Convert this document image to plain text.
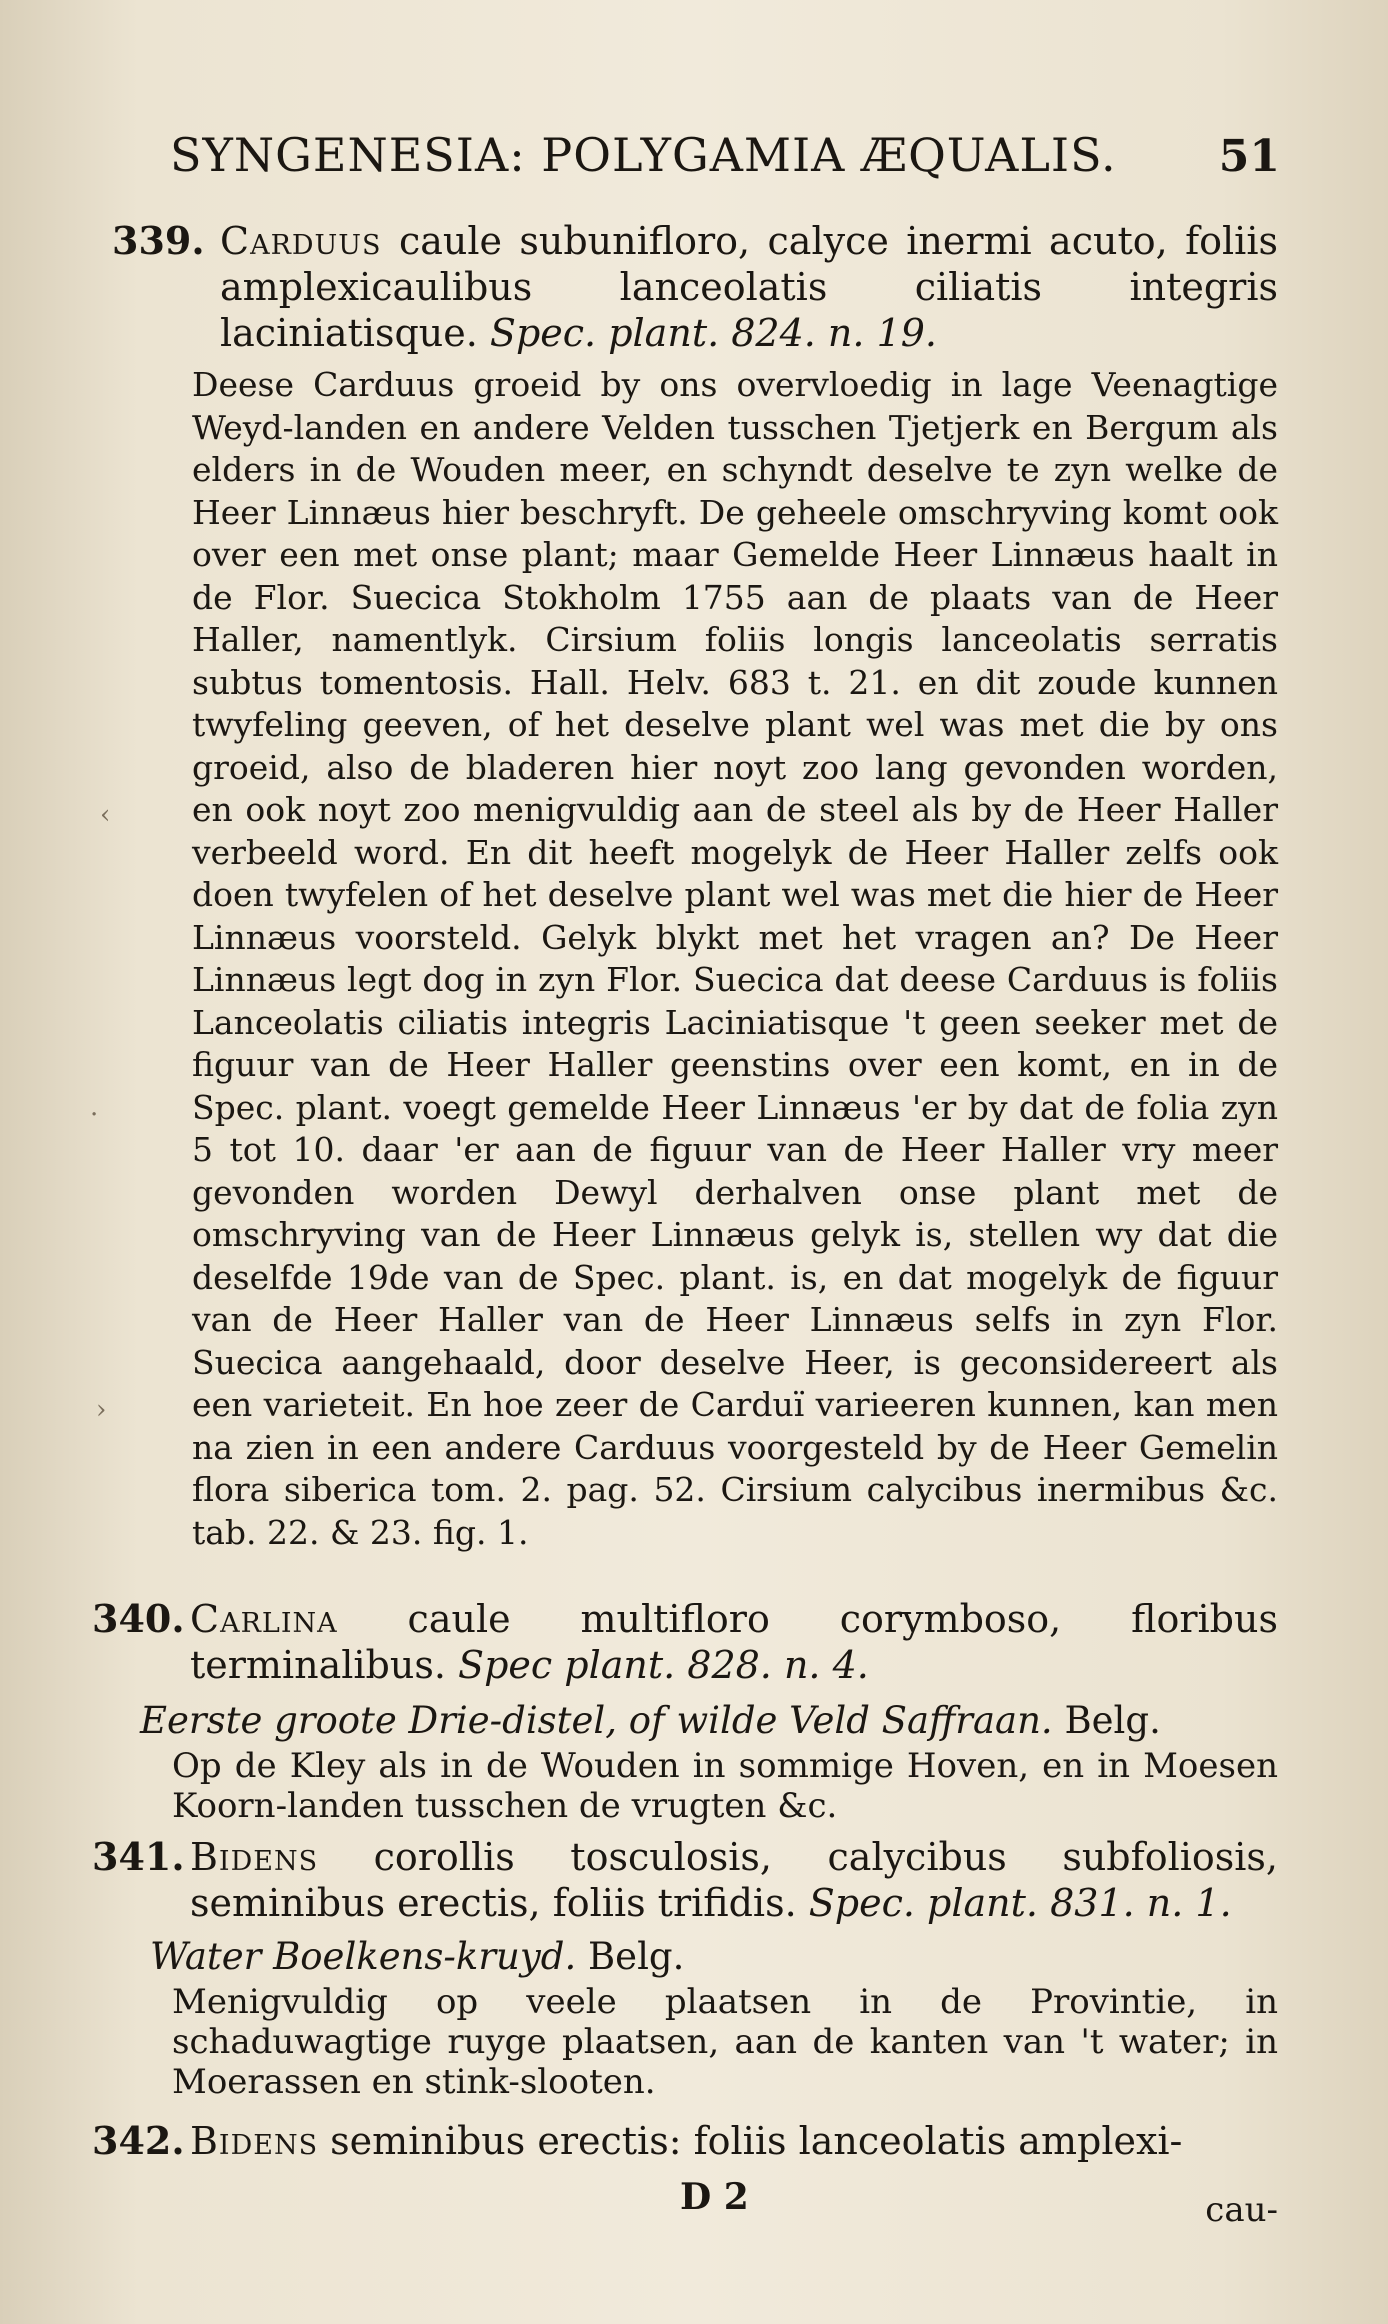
SYNGENESIA: POLYGAMIA ÆQUALIS. 51
339. Carduus caule subunifloro, calyce inermi acuto, foliis amplexicaulibus lanceolatis ciliatis integris laciniatisque. Spec. plant. 824. n. 19.
Deese Carduus groeid by ons overvloedig in lage Veenagtige Weyd-landen en andere Velden tusschen Tjetjerk en Bergum als elders in de Wouden meer, en schyndt deselve te zyn welke de Heer Linnæus hier beschryft. De geheele omschryving komt ook over een met onse plant; maar Gemelde Heer Linnæus haalt in de Flor. Suecica Stokholm 1755 aan de plaats van de Heer Haller, namentlyk. Cirsium foliis longis lanceolatis serratis subtus tomentosis. Hall. Helv. 683 t. 21. en dit zoude kunnen twyfeling geeven, of het deselve plant wel was met die by ons groeid, also de bladeren hier noyt zoo lang gevonden worden, en ook noyt zoo menigvuldig aan de steel als by de Heer Haller verbeeld word. En dit heeft mogelyk de Heer Haller zelfs ook doen twyfelen of het deselve plant wel was met die hier de Heer Linnæus voorsteld. Gelyk blykt met het vragen an? De Heer Linnæus legt dog in zyn Flor. Suecica dat deese Carduus is foliis Lanceolatis ciliatis integris Laciniatisque 't geen seeker met de figuur van de Heer Haller geenstins over een komt, en in de Spec. plant. voegt gemelde Heer Linnæus 'er by dat de folia zyn 5 tot 10. daar 'er aan de figuur van de Heer Haller vry meer gevonden worden Dewyl derhalven onse plant met de omschryving van de Heer Linnæus gelyk is, stellen wy dat die deselfde 19de van de Spec. plant. is, en dat mogelyk de figuur van de Heer Haller van de Heer Linnæus selfs in zyn Flor. Suecica aangehaald, door deselve Heer, is geconsidereert als een varieteit. En hoe zeer de Carduï varieeren kunnen, kan men na zien in een andere Carduus voorgesteld by de Heer Gemelin flora siberica tom. 2. pag. 52. Cirsium calycibus inermibus &c. tab. 22. & 23. fig. 1.
340. Carlina caule multifloro corymboso, floribus terminalibus. Spec plant. 828. n. 4.
Eerste groote Drie-distel, of wilde Veld Saffraan. Belg.
Op de Kley als in de Wouden in sommige Hoven, en in Moesen Koorn-landen tusschen de vrugten &c.
341. Bidens corollis tosculosis, calycibus subfoliosis, seminibus erectis, foliis trifidis. Spec. plant. 831. n. 1.
Water Boelkens-kruyd. Belg.
Menigvuldig op veele plaatsen in de Provintie, in schaduwagtige ruyge plaatsen, aan de kanten van 't water; in Moerassen en stink-slooten.
342. Bidens seminibus erectis: foliis lanceolatis amplexi-
D 2	cau-
‹
·
›
